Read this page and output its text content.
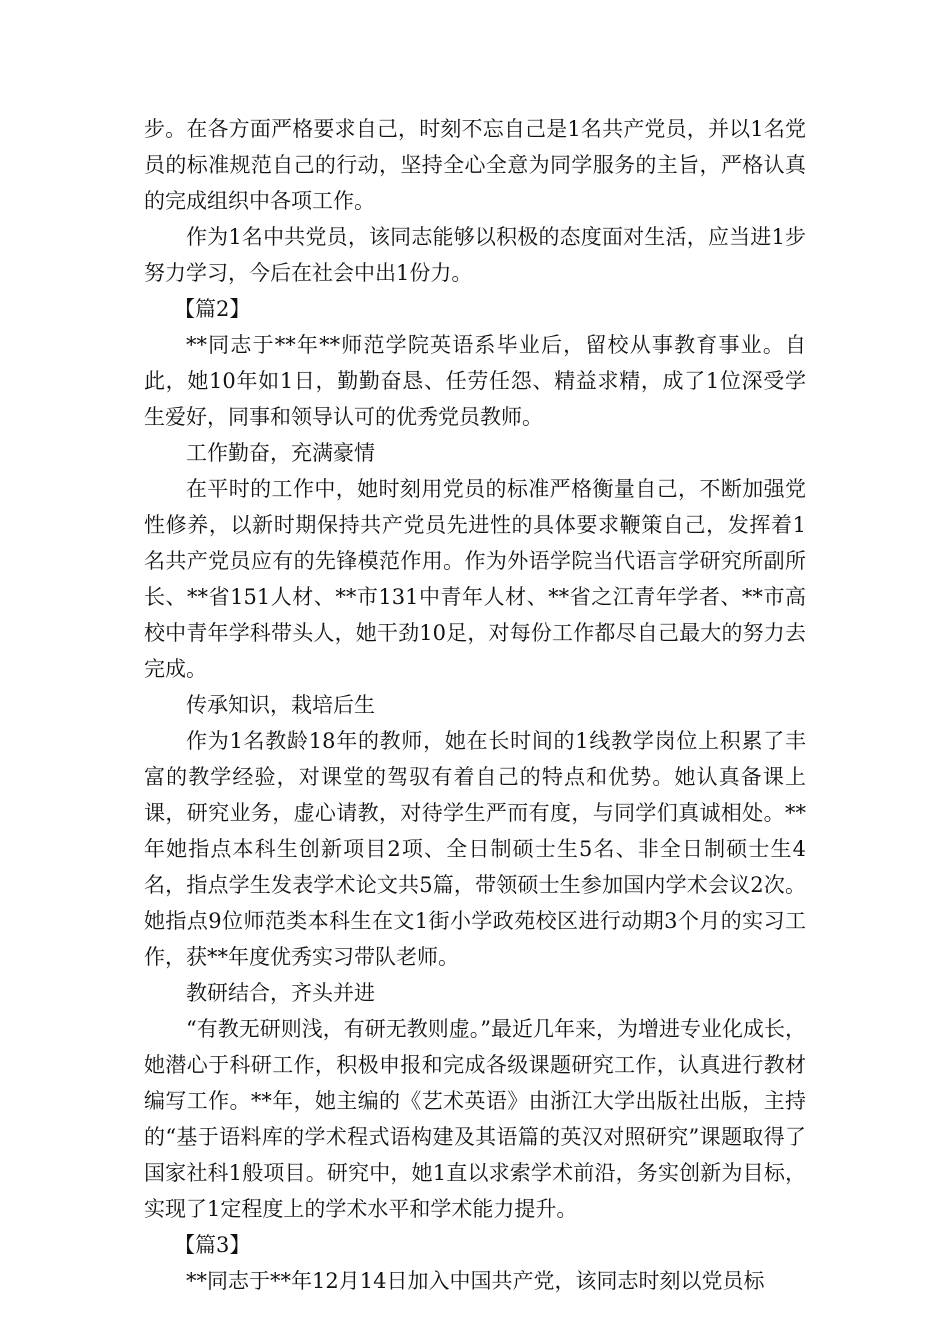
步。在各方面严格要求自己，时刻不忘自己是1名共产党员，并以1名党员的标准规范自己的行动，坚持全心全意为同学服务的主旨，严格认真的完成组织中各项工作。

作为1名中共党员，该同志能够以积极的态度面对生活，应当进1步努力学习，今后在社会中出1份力。

【篇2】

**同志于**年**师范学院英语系毕业后，留校从事教育事业。自此，她10年如1日，勤勤奋恳、任劳任怨、精益求精，成了1位深受学生爱好，同事和领导认可的优秀党员教师。

工作勤奋，充满豪情

在平时的工作中，她时刻用党员的标准严格衡量自己，不断加强党性修养，以新时期保持共产党员先进性的具体要求鞭策自己，发挥着1名共产党员应有的先锋模范作用。作为外语学院当代语言学研究所副所长、**省151人材、**市131中青年人材、**省之江青年学者、**市高校中青年学科带头人，她干劲10足，对每份工作都尽自己最大的努力去完成。

传承知识，栽培后生

作为1名教龄18年的教师，她在长时间的1线教学岗位上积累了丰富的教学经验，对课堂的驾驭有着自己的特点和优势。她认真备课上课，研究业务，虚心请教，对待学生严而有度，与同学们真诚相处。**年她指点本科生创新项目2项、全日制硕士生5名、非全日制硕士生4名，指点学生发表学术论文共5篇，带领硕士生参加国内学术会议2次。她指点9位师范类本科生在文1街小学政苑校区进行动期3个月的实习工作，获**年度优秀实习带队老师。

教研结合，齐头并进

“有教无研则浅，有研无教则虚。”最近几年来，为增进专业化成长，她潜心于科研工作，积极申报和完成各级课题研究工作，认真进行教材编写工作。**年，她主编的《艺术英语》由浙江大学出版社出版，主持的“基于语料库的学术程式语构建及其语篇的英汉对照研究”课题取得了国家社科1般项目。研究中，她1直以求索学术前沿，务实创新为目标，实现了1定程度上的学术水平和学术能力提升。

【篇3】

**同志于**年12月14日加入中国共产党，该同志时刻以党员标
